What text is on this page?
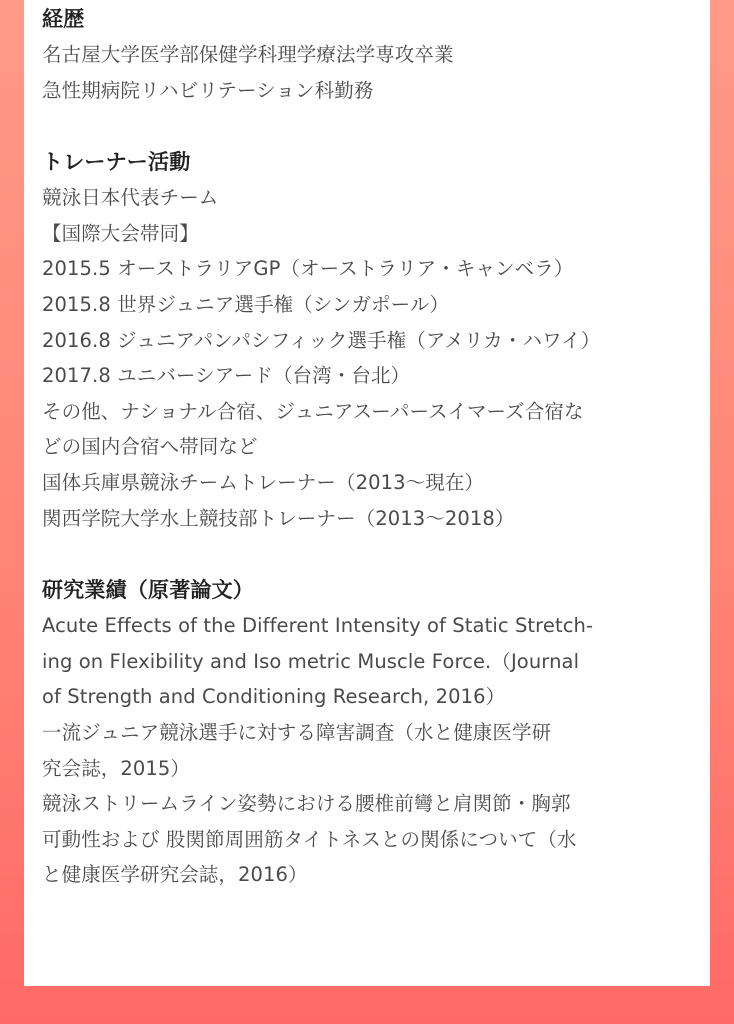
経歴
名古屋大学医学部保健学科理学療法学専攻卒業
急性期病院リハビリテーション科勤務
トレーナー活動
競泳日本代表チーム
【国際大会帯同】
2015.5 オーストラリアGP（オーストラリア・キャンベラ）
2015.8 世界ジュニア選手権（シンガポール）
2016.8 ジュニアパンパシフィック選手権（アメリカ・ハワイ）
2017.8 ユニバーシアード（台湾・台北）
その他、ナショナル合宿、ジュニアスーパースイマーズ合宿な
どの国内合宿へ帯同など
国体兵庫県競泳チームトレーナー（2013～現在）
関西学院大学水上競技部トレーナー（2013～2018）
研究業績（原著論文）
Acute Effects of the Different Intensity of Static Stretch-
ing on Flexibility and Iso metric Muscle Force.（Journal
of Strength and Conditioning Research, 2016）
一流ジュニア競泳選手に対する障害調査（水と健康医学研
究会誌，2015）
競泳ストリームライン姿勢における腰椎前彎と肩関節・胸郭
可動性および 股関節周囲筋タイトネスとの関係について（水
と健康医学研究会誌，2016）
